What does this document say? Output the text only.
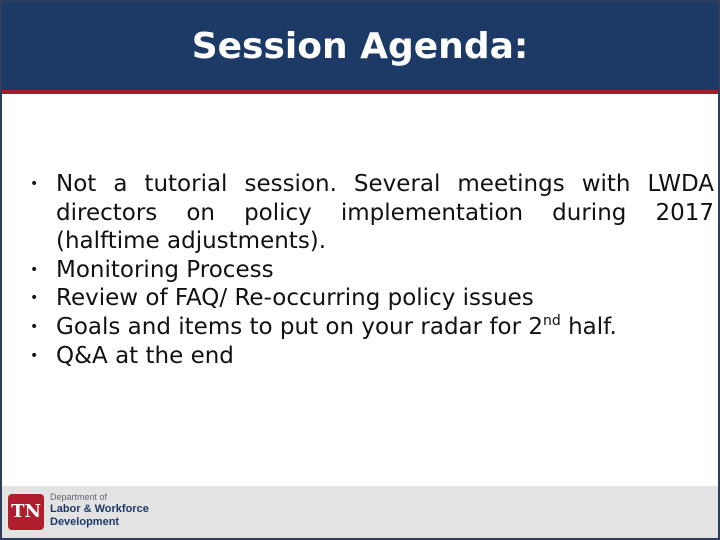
Session Agenda:
• Not a tutorial session. Several meetings with LWDA
directors on policy implementation during 2017
(halftime adjustments).
• Monitoring Process
• Review of FAQ/ Re-occurring policy issues
• Goals and items to put on your radar for 2nd half.
• Q&A at the end
TN
Department of
Labor & Workforce
Development
